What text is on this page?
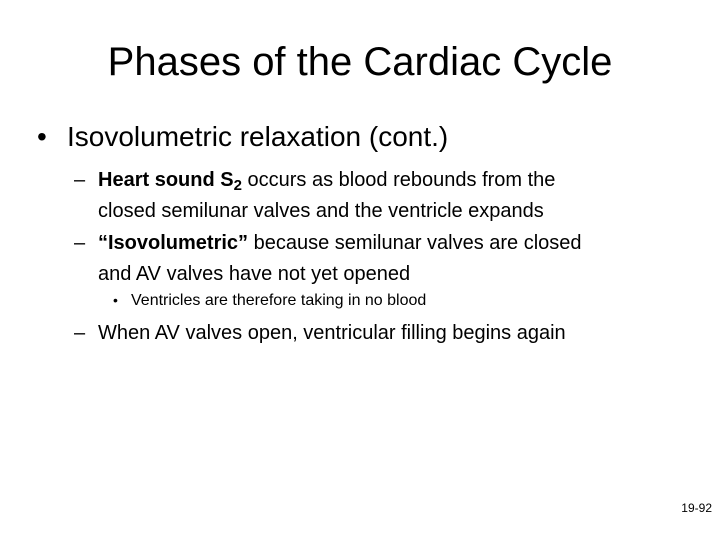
Phases of the Cardiac Cycle
• Isovolumetric relaxation (cont.)
– Heart sound $S_2$ occurs as blood rebounds from the
closed semilunar valves and the ventricle expands
– “Isovolumetric” because semilunar valves are closed
and AV valves have not yet opened
• Ventricles are therefore taking in no blood
– When AV valves open, ventricular filling begins again
19-92
